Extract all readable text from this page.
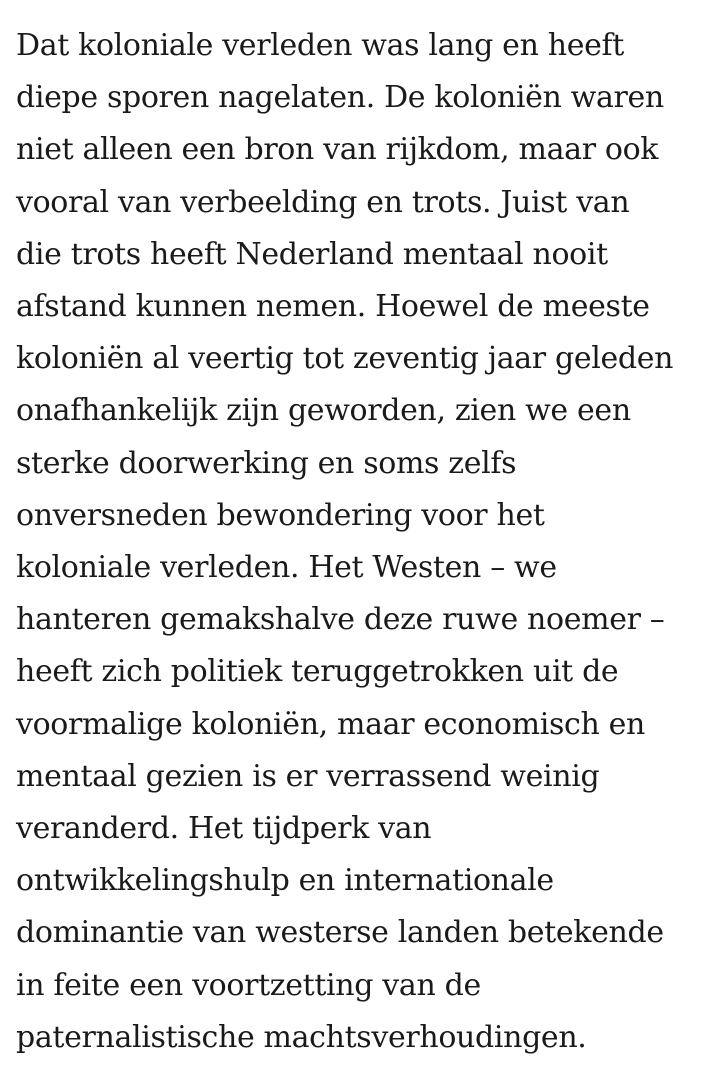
Dat koloniale verleden was lang en heeft
diepe sporen nagelaten. De koloniën waren
niet alleen een bron van rijkdom, maar ook
vooral van verbeelding en trots. Juist van
die trots heeft Nederland mentaal nooit
afstand kunnen nemen. Hoewel de meeste
koloniën al veertig tot zeventig jaar geleden
onafhankelijk zijn geworden, zien we een
sterke doorwerking en soms zelfs
onversneden bewondering voor het
koloniale verleden. Het Westen – we
hanteren gemakshalve deze ruwe noemer –
heeft zich politiek teruggetrokken uit de
voormalige koloniën, maar economisch en
mentaal gezien is er verrassend weinig
veranderd. Het tijdperk van
ontwikkelingshulp en internationale
dominantie van westerse landen betekende
in feite een voortzetting van de
paternalistische machtsverhoudingen.
